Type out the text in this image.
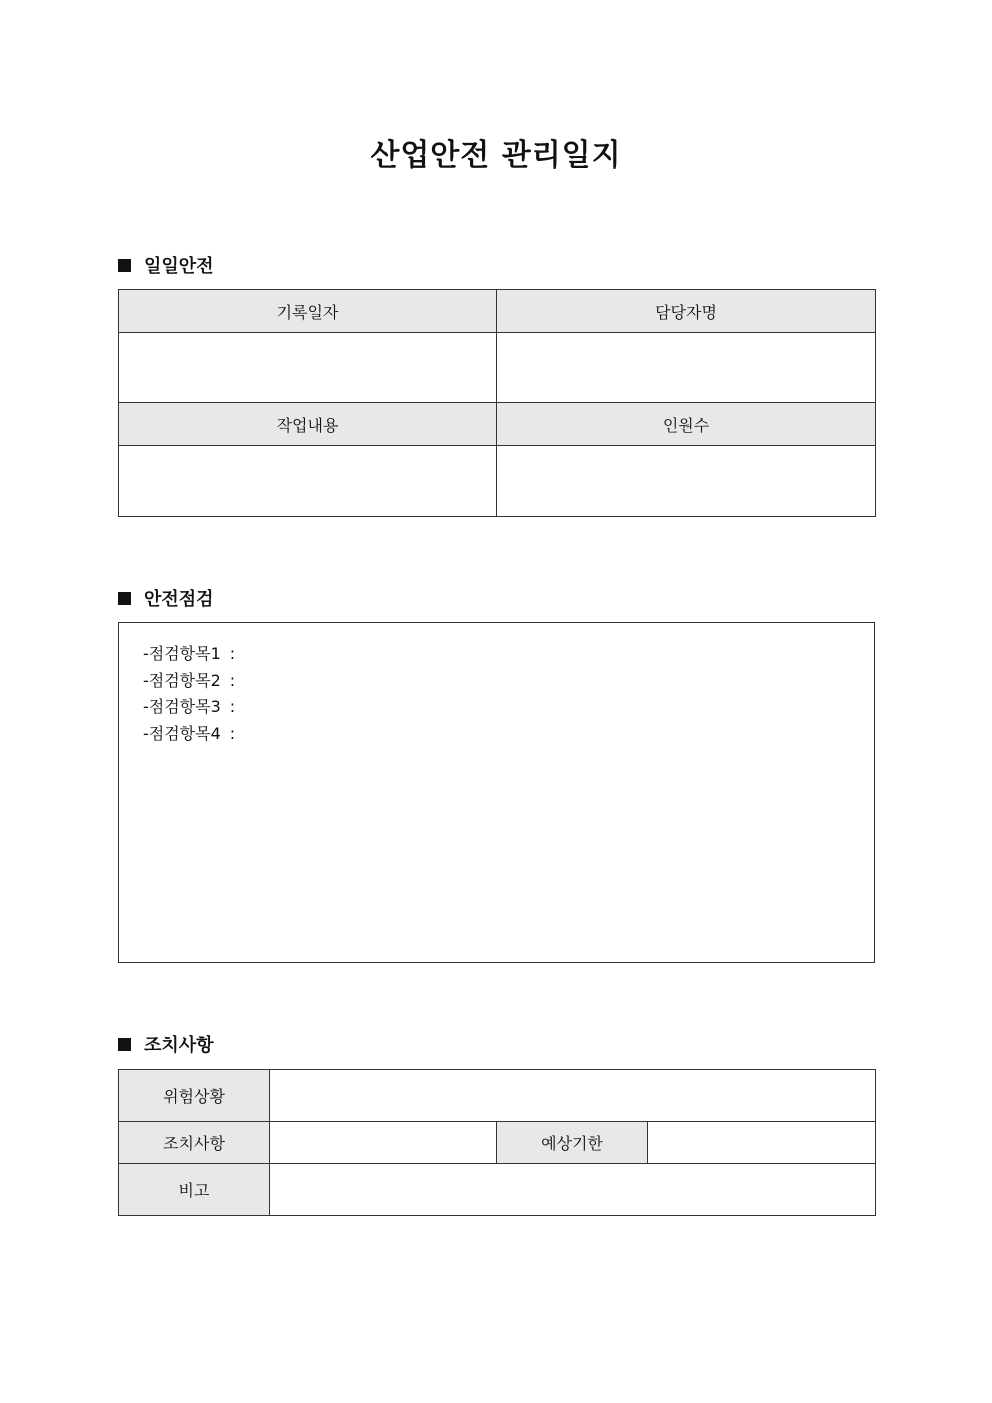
산업안전 관리일지
일일안전
기록일자	담당자명

작업내용	인원수

안전점검
-점검항목1 :
-점검항목2 :
-점검항목3 :
-점검항목4 :
조치사항
위험상황			
조치사항		예상기한	
비고			
